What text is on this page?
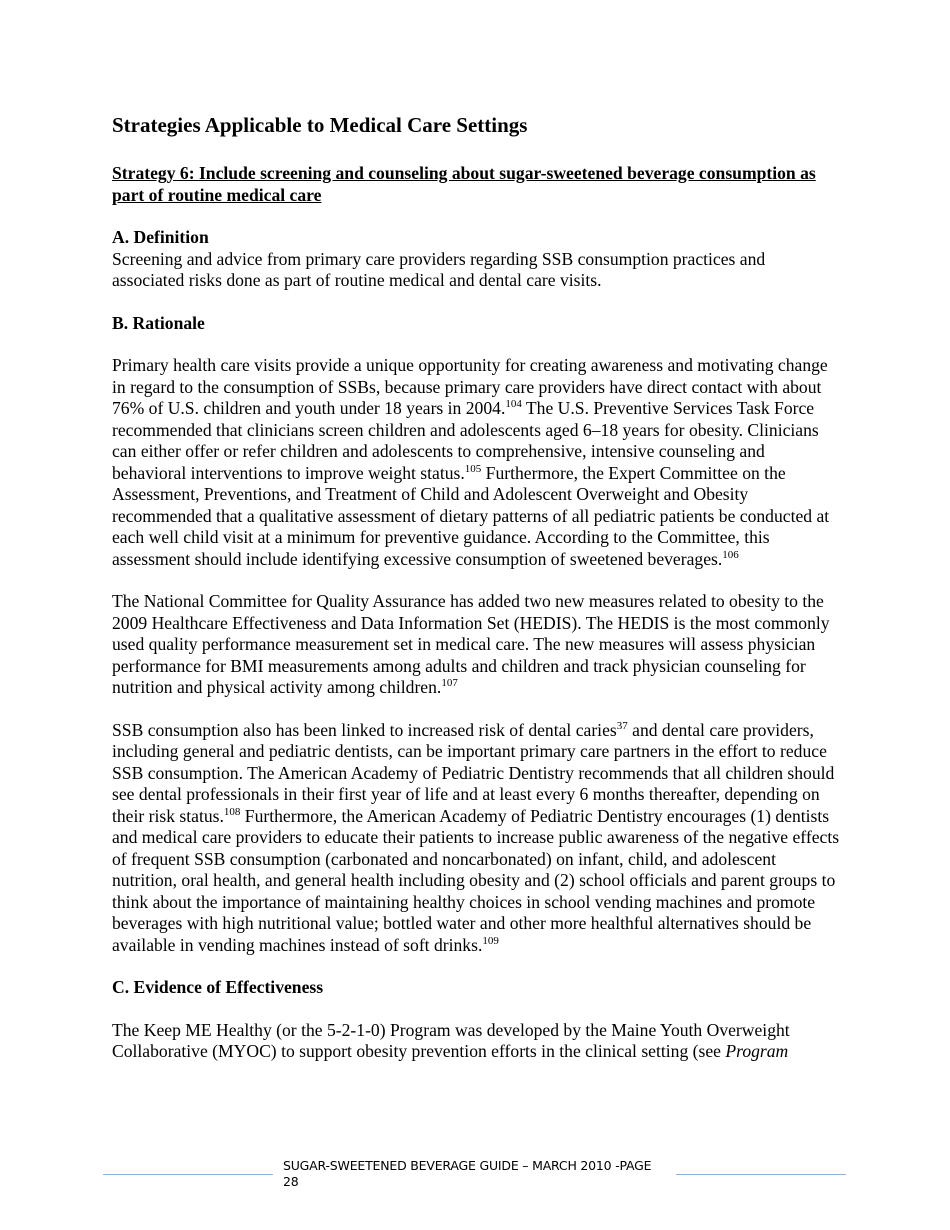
Strategies Applicable to Medical Care Settings
Strategy 6: Include screening and counseling about sugar-sweetened beverage consumption as part of routine medical care
A. Definition

Screening and advice from primary care providers regarding SSB consumption practices and associated risks done as part of routine medical and dental care visits.

B. Rationale

Primary health care visits provide a unique opportunity for creating awareness and motivating change in regard to the consumption of SSBs, because primary care providers have direct contact with about 76% of U.S. children and youth under 18 years in 2004.$^{104}$ The U.S. Preventive Services Task Force recommended that clinicians screen children and adolescents aged 6–18 years for obesity. Clinicians can either offer or refer children and adolescents to comprehensive, intensive counseling and behavioral interventions to improve weight status.$^{105}$ Furthermore, the Expert Committee on the Assessment, Preventions, and Treatment of Child and Adolescent Overweight and Obesity recommended that a qualitative assessment of dietary patterns of all pediatric patients be conducted at each well child visit at a minimum for preventive guidance. According to the Committee, this assessment should include identifying excessive consumption of sweetened beverages.$^{106}$

The National Committee for Quality Assurance has added two new measures related to obesity to the 2009 Healthcare Effectiveness and Data Information Set (HEDIS). The HEDIS is the most commonly used quality performance measurement set in medical care. The new measures will assess physician performance for BMI measurements among adults and children and track physician counseling for nutrition and physical activity among children.$^{107}$

SSB consumption also has been linked to increased risk of dental caries$^{37}$ and dental care providers, including general and pediatric dentists, can be important primary care partners in the effort to reduce SSB consumption. The American Academy of Pediatric Dentistry recommends that all children should see dental professionals in their first year of life and at least every 6 months thereafter, depending on their risk status.$^{108}$ Furthermore, the American Academy of Pediatric Dentistry encourages (1) dentists and medical care providers to educate their patients to increase public awareness of the negative effects of frequent SSB consumption (carbonated and noncarbonated) on infant, child, and adolescent nutrition, oral health, and general health including obesity and (2) school officials and parent groups to think about the importance of maintaining healthy choices in school vending machines and promote beverages with high nutritional value; bottled water and other more healthful alternatives should be available in vending machines instead of soft drinks.$^{109}$

C. Evidence of Effectiveness

The Keep ME Healthy (or the 5-2-1-0) Program was developed by the Maine Youth Overweight Collaborative (MYOC) to support obesity prevention efforts in the clinical setting (see Program

SUGAR-SWEETENED BEVERAGE GUIDE – MARCH 2010 -PAGE 28
